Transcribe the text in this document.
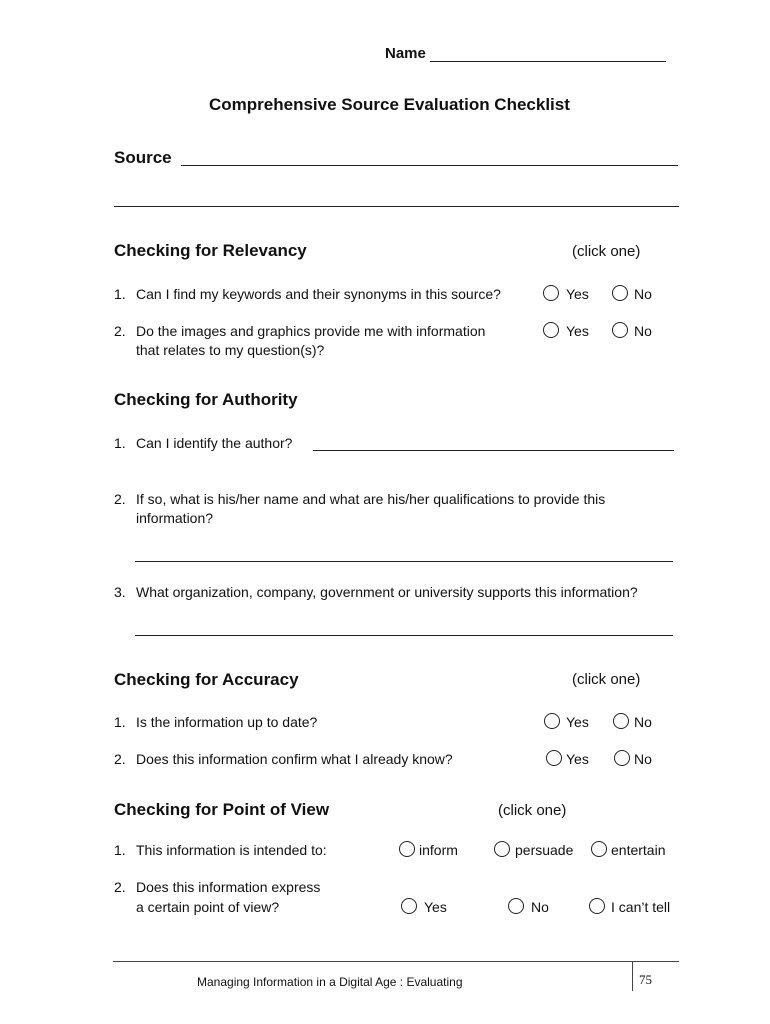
Name
Comprehensive Source Evaluation Checklist
Source
Checking for Relevancy	(click one)
1. Can I find my keywords and their synonyms in this source?	Yes	No
2. Do the images and graphics provide me with information
that relates to my question(s)?
Yes	No
Checking for Authority
1. Can I identify the author?
2. If so, what is his/her name and what are his/her qualifications to provide this
information?
3. What organization, company, government or university supports this information?
Checking for Accuracy	(click one)
1. Is the information up to date?	Yes	No
2. Does this information confirm what I already know?	Yes	No
Checking for Point of View	(click one)
1. This information is intended to:	inform	persuade	entertain
2. Does this information express
a certain point of view?	Yes	No	I can’t tell
Managing Information in a Digital Age : Evaluating	75
